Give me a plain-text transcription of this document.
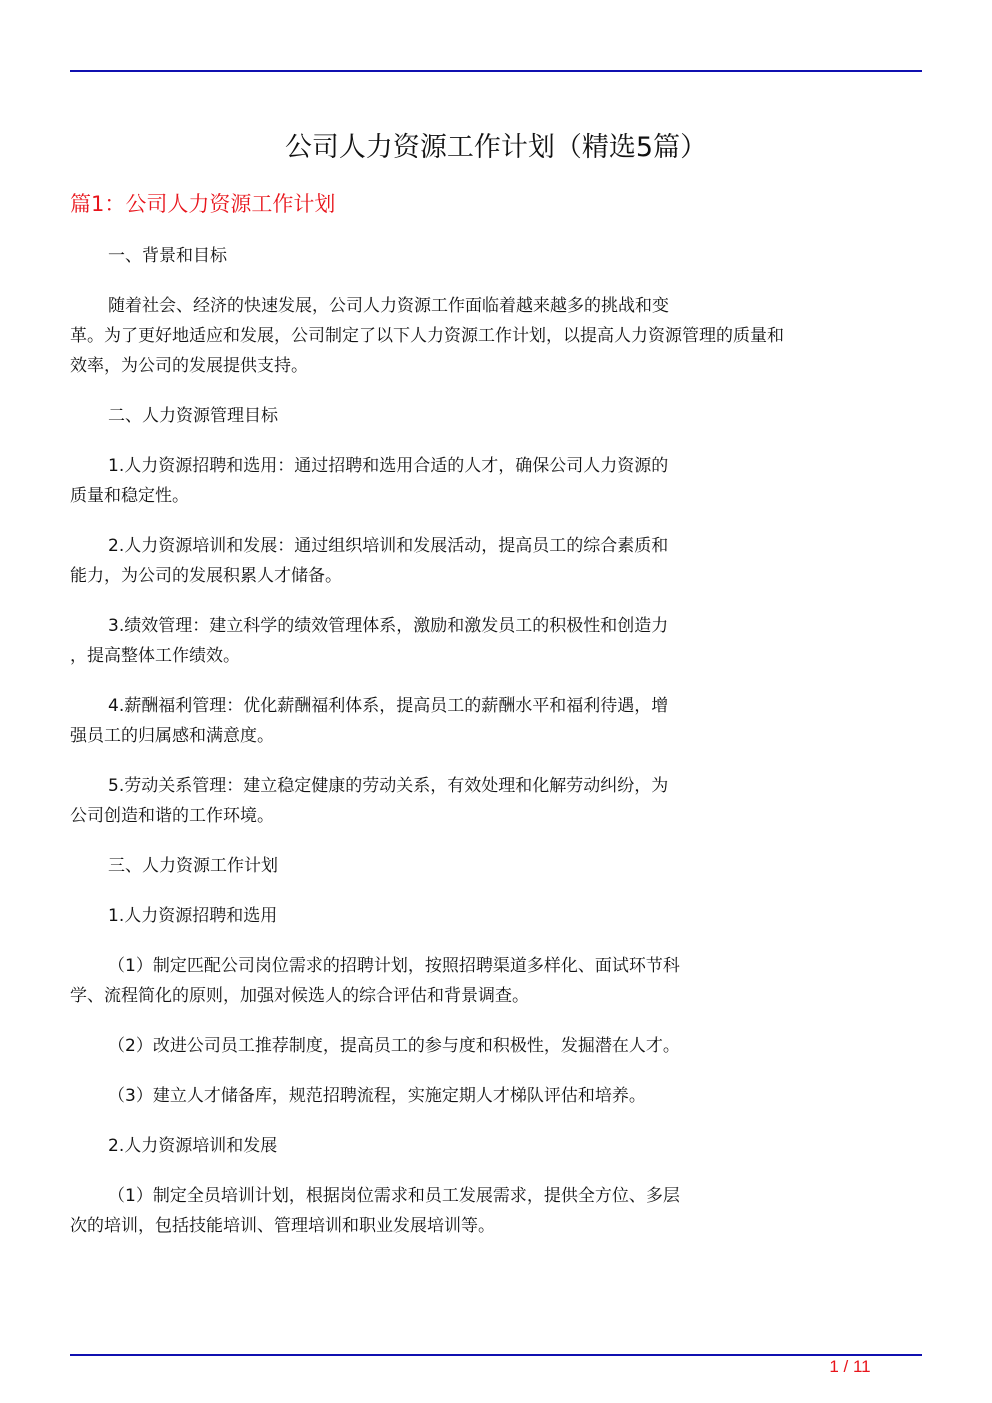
公司人力资源工作计划（精选5篇）
篇1：公司人力资源工作计划
一、背景和目标
随着社会、经济的快速发展，公司人力资源工作面临着越来越多的挑战和变
革。为了更好地适应和发展，公司制定了以下人力资源工作计划，以提高人力资源管理的质量和
效率，为公司的发展提供支持。
二、人力资源管理目标
1.人力资源招聘和选用：通过招聘和选用合适的人才，确保公司人力资源的
质量和稳定性。
2.人力资源培训和发展：通过组织培训和发展活动，提高员工的综合素质和
能力，为公司的发展积累人才储备。
3.绩效管理：建立科学的绩效管理体系，激励和激发员工的积极性和创造力
，提高整体工作绩效。
4.薪酬福利管理：优化薪酬福利体系，提高员工的薪酬水平和福利待遇，增
强员工的归属感和满意度。
5.劳动关系管理：建立稳定健康的劳动关系，有效处理和化解劳动纠纷，为
公司创造和谐的工作环境。
三、人力资源工作计划
1.人力资源招聘和选用
（1）制定匹配公司岗位需求的招聘计划，按照招聘渠道多样化、面试环节科
学、流程简化的原则，加强对候选人的综合评估和背景调查。
（2）改进公司员工推荐制度，提高员工的参与度和积极性，发掘潜在人才。
（3）建立人才储备库，规范招聘流程，实施定期人才梯队评估和培养。
2.人力资源培训和发展
（1）制定全员培训计划，根据岗位需求和员工发展需求，提供全方位、多层
次的培训，包括技能培训、管理培训和职业发展培训等。
1 / 11
